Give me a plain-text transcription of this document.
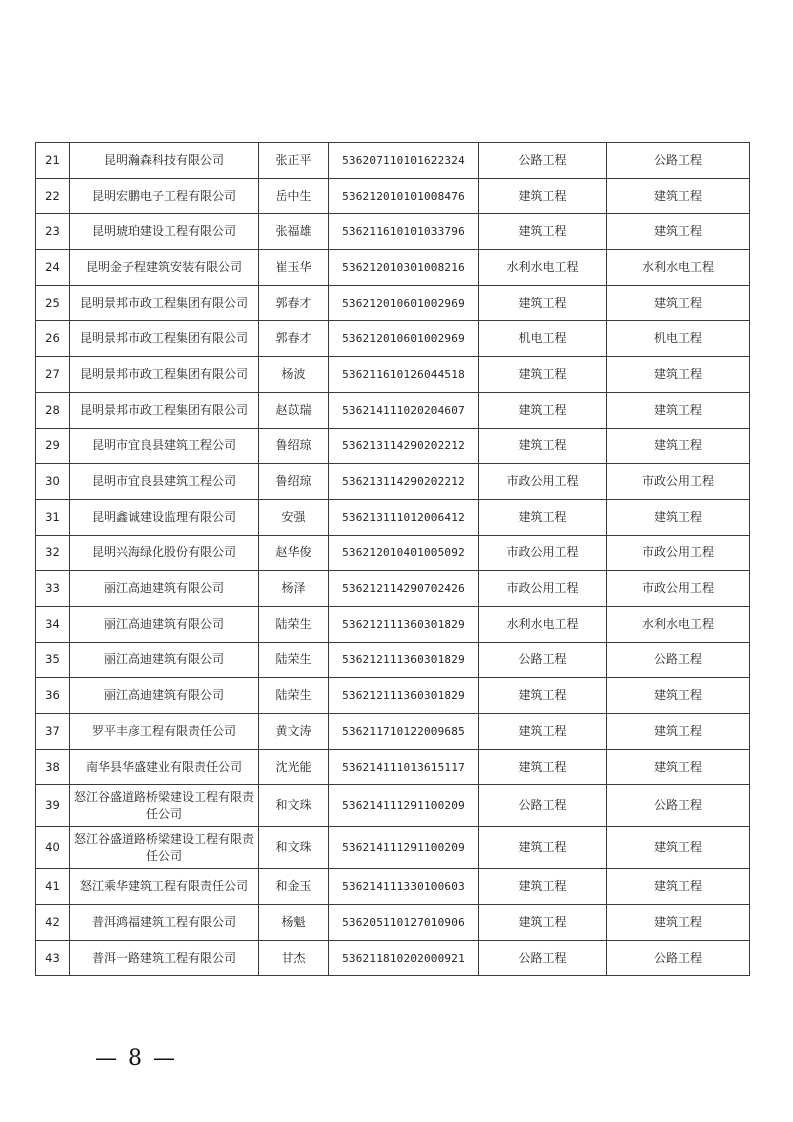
21	昆明瀚森科技有限公司	张正平	536207110101622324	公路工程	公路工程
22	昆明宏鹏电子工程有限公司	岳中生	536212010101008476	建筑工程	建筑工程
23	昆明琥珀建设工程有限公司	张福雄	536211610101033796	建筑工程	建筑工程
24	昆明金子程建筑安装有限公司	崔玉华	536212010301008216	水利水电工程	水利水电工程
25	昆明景邦市政工程集团有限公司	郭春才	536212010601002969	建筑工程	建筑工程
26	昆明景邦市政工程集团有限公司	郭春才	536212010601002969	机电工程	机电工程
27	昆明景邦市政工程集团有限公司	杨波	536211610126044518	建筑工程	建筑工程
28	昆明景邦市政工程集团有限公司	赵苡瑞	536214111020204607	建筑工程	建筑工程
29	昆明市宜良县建筑工程公司	鲁绍琼	536213114290202212	建筑工程	建筑工程
30	昆明市宜良县建筑工程公司	鲁绍琼	536213114290202212	市政公用工程	市政公用工程
31	昆明鑫诚建设监理有限公司	安强	536213111012006412	建筑工程	建筑工程
32	昆明兴海绿化股份有限公司	赵华俊	536212010401005092	市政公用工程	市政公用工程
33	丽江高迪建筑有限公司	杨泽	536212114290702426	市政公用工程	市政公用工程
34	丽江高迪建筑有限公司	陆荣生	536212111360301829	水利水电工程	水利水电工程
35	丽江高迪建筑有限公司	陆荣生	536212111360301829	公路工程	公路工程
36	丽江高迪建筑有限公司	陆荣生	536212111360301829	建筑工程	建筑工程
37	罗平丰彦工程有限责任公司	黄文涛	536211710122009685	建筑工程	建筑工程
38	南华县华盛建业有限责任公司	沈光能	536214111013615117	建筑工程	建筑工程
39	怒江谷盛道路桥梁建设工程有限责任公司	和文珠	536214111291100209	公路工程	公路工程
40	怒江谷盛道路桥梁建设工程有限责任公司	和文珠	536214111291100209	建筑工程	建筑工程
41	怒江乘华建筑工程有限责任公司	和金玉	536214111330100603	建筑工程	建筑工程
42	普洱鸿福建筑工程有限公司	杨魁	536205110127010906	建筑工程	建筑工程
43	普洱一路建筑工程有限公司	甘杰	536211810202000921	公路工程	公路工程
— 8 —
